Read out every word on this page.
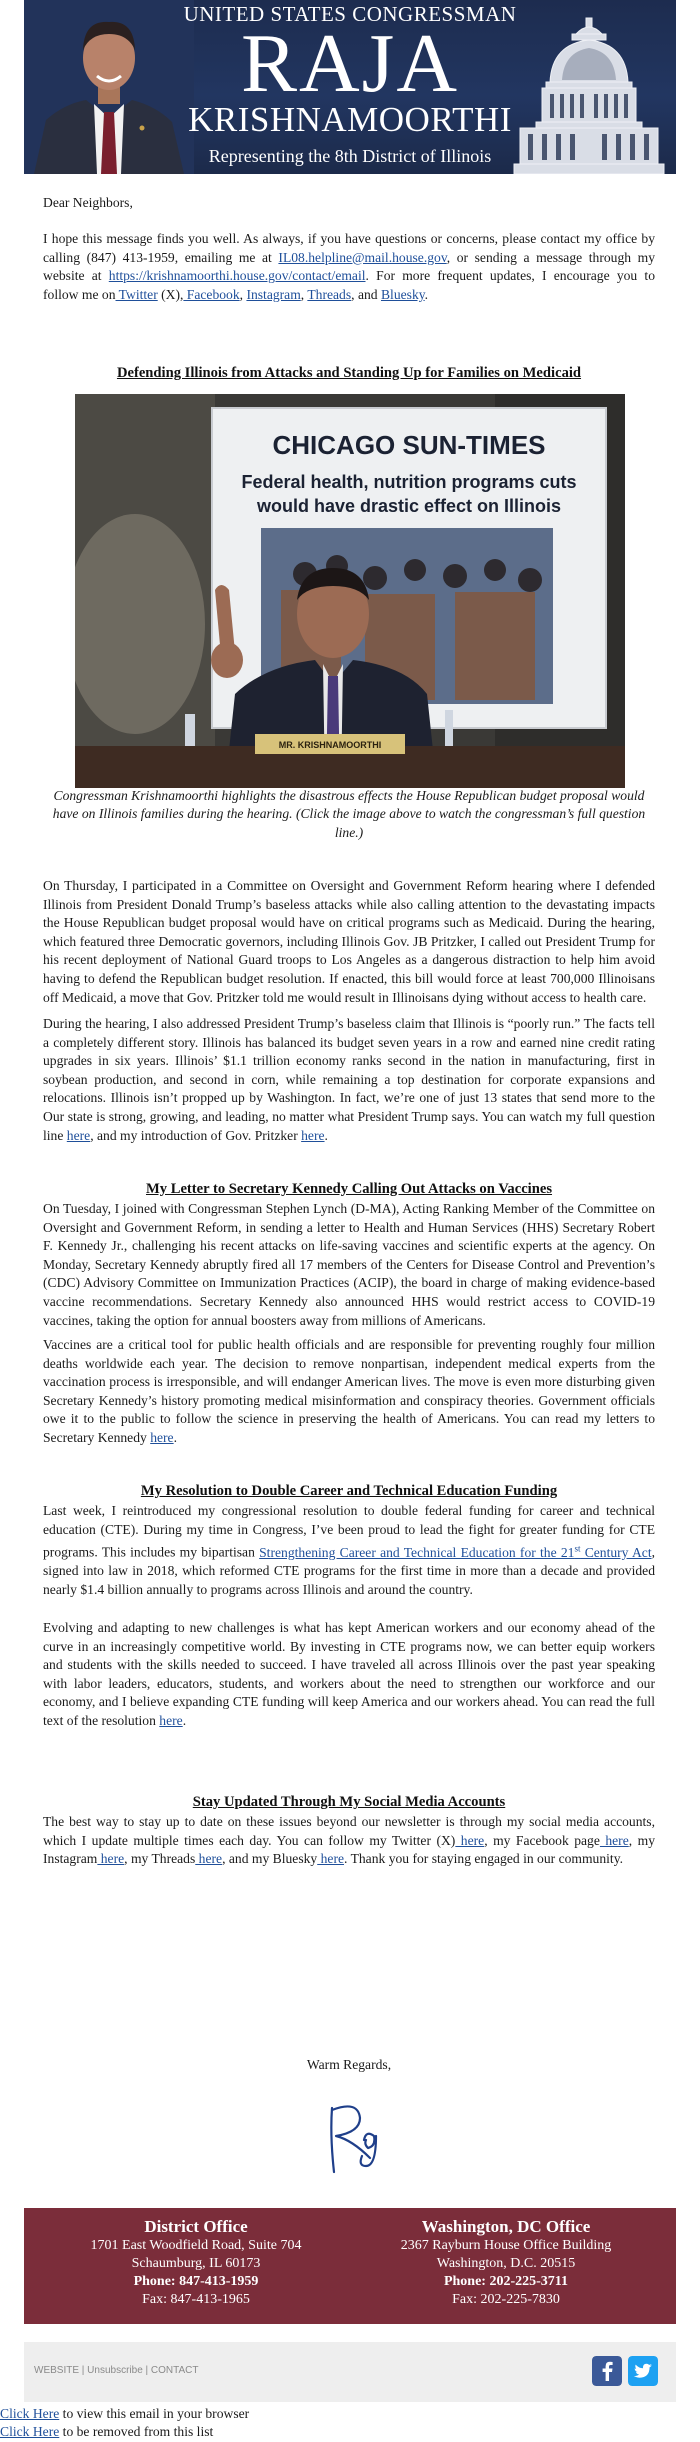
UNITED STATES CONGRESSMAN
RAJA
KRISHNAMOORTHI
Representing the 8th District of Illinois

Dear Neighbors,

I hope this message finds you well. As always, if you have questions or concerns, please contact my office by calling (847) 413-1959, emailing me at IL08.helpline@mail.house.gov, or sending a message through my website at https://krishnamoorthi.house.gov/contact/email. For more frequent updates, I encourage you to follow me on Twitter (X), Facebook, Instagram, Threads, and Bluesky.

Defending Illinois from Attacks and Standing Up for Families on Medicaid
CHICAGO SUN-TIMES
Federal health, nutrition programs cuts
would have drastic effect on Illinois
MR. KRISHNAMOORTHI
Congressman Krishnamoorthi highlights the disastrous effects the House Republican budget proposal would have on Illinois families during the hearing. (Click the image above to watch the congressman’s full question line.)

On Thursday, I participated in a Committee on Oversight and Government Reform hearing where I defended Illinois from President Donald Trump’s baseless attacks while also calling attention to the devastating impacts the House Republican budget proposal would have on critical programs such as Medicaid. During the hearing, which featured three Democratic governors, including Illinois Gov. JB Pritzker, I called out President Trump for his recent deployment of National Guard troops to Los Angeles as a dangerous distraction to help him avoid having to defend the Republican budget resolution. If enacted, this bill would force at least 700,000 Illinoisans off Medicaid, a move that Gov. Pritzker told me would result in Illinoisans dying without access to health care.

During the hearing, I also addressed President Trump’s baseless claim that Illinois is “poorly run.” The facts tell a completely different story. Illinois has balanced its budget seven years in a row and earned nine credit rating upgrades in six years. Illinois’ $1.1 trillion economy ranks second in the nation in manufacturing, first in soybean production, and second in corn, while remaining a top destination for corporate expansions and relocations. Illinois isn’t propped up by Washington. In fact, we’re one of just 13 states that send more to the Our state is strong, growing, and leading, no matter what President Trump says. You can watch my full question line here, and my introduction of Gov. Pritzker here.

My Letter to Secretary Kennedy Calling Out Attacks on Vaccines

On Tuesday, I joined with Congressman Stephen Lynch (D-MA), Acting Ranking Member of the Committee on Oversight and Government Reform, in sending a letter to Health and Human Services (HHS) Secretary Robert F. Kennedy Jr., challenging his recent attacks on life-saving vaccines and scientific experts at the agency. On Monday, Secretary Kennedy abruptly fired all 17 members of the Centers for Disease Control and Prevention’s (CDC) Advisory Committee on Immunization Practices (ACIP), the board in charge of making evidence-based vaccine recommendations. Secretary Kennedy also announced HHS would restrict access to COVID-19 vaccines, taking the option for annual boosters away from millions of Americans.

Vaccines are a critical tool for public health officials and are responsible for preventing roughly four million deaths worldwide each year. The decision to remove nonpartisan, independent medical experts from the vaccination process is irresponsible, and will endanger American lives. The move is even more disturbing given Secretary Kennedy’s history promoting medical misinformation and conspiracy theories. Government officials owe it to the public to follow the science in preserving the health of Americans. You can read my letters to Secretary Kennedy here.

My Resolution to Double Career and Technical Education Funding

Last week, I reintroduced my congressional resolution to double federal funding for career and technical education (CTE). During my time in Congress, I’ve been proud to lead the fight for greater funding for CTE programs. This includes my bipartisan Strengthening Career and Technical Education for the 21st Century Act, signed into law in 2018, which reformed CTE programs for the first time in more than a decade and provided nearly $1.4 billion annually to programs across Illinois and around the country.

Evolving and adapting to new challenges is what has kept American workers and our economy ahead of the curve in an increasingly competitive world. By investing in CTE programs now, we can better equip workers and students with the skills needed to succeed. I have traveled all across Illinois over the past year speaking with labor leaders, educators, students, and workers about the need to strengthen our workforce and our economy, and I believe expanding CTE funding will keep America and our workers ahead. You can read the full text of the resolution here.

Stay Updated Through My Social Media Accounts

The best way to stay up to date on these issues beyond our newsletter is through my social media accounts, which I update multiple times each day. You can follow my Twitter (X) here, my Facebook page here, my Instagram here, my Threads here, and my Bluesky here. Thank you for staying engaged in our community.

Warm Regards,

District Office
1701 East Woodfield Road, Suite 704
Schaumburg, IL 60173
Phone: 847-413-1959
Fax: 847-413-1965
Washington, DC Office
2367 Rayburn House Office Building
Washington, D.C. 20515
Phone: 202-225-3711
Fax: 202-225-7830
WEBSITE | Unsubscribe | CONTACT
Click Here to view this email in your browser
Click Here to be removed from this list
